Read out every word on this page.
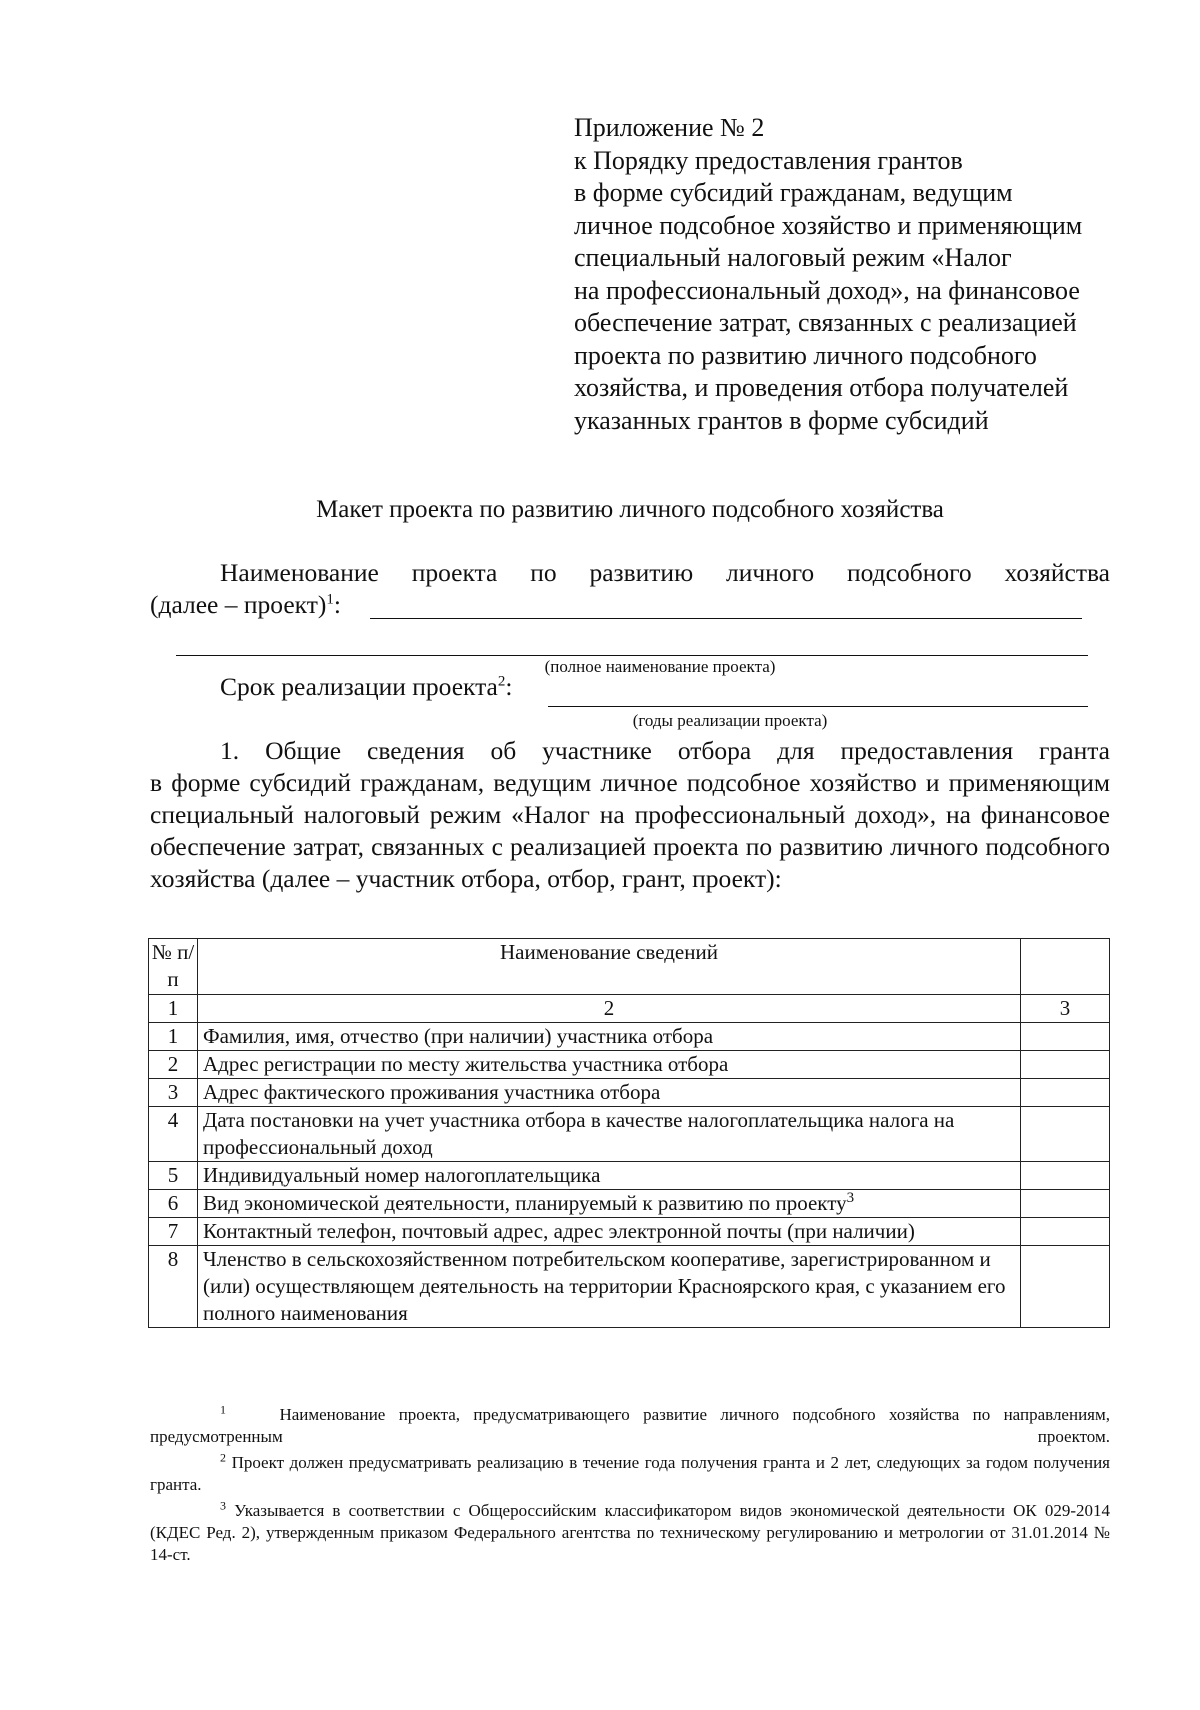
Приложение № 2
к Порядку предоставления грантов
в форме субсидий гражданам, ведущим
личное подсобное хозяйство и применяющим
специальный налоговый режим «Налог
на профессиональный доход», на финансовое
обеспечение затрат, связанных с реализацией
проекта по развитию личного подсобного
хозяйства, и проведения отбора получателей
указанных грантов в форме субсидий
Макет проекта по развитию личного подсобного хозяйства
Наименование проекта по развитию личного подсобного хозяйства
(далее – проект)$^1$:
(полное наименование проекта)
Срок реализации проекта$^2$:
(годы реализации проекта)
1. Общие сведения об участнике отбора для предоставления гранта
в форме субсидий гражданам, ведущим личное подсобное хозяйство и применяющим специальный налоговый режим «Налог на профессиональный доход», на финансовое обеспечение затрат, связанных с реализацией проекта по развитию личного подсобного хозяйства (далее – участник отбора, отбор, грант, проект):
№ п/п	Наименование сведений	
1	2	3
1	Фамилия, имя, отчество (при наличии) участника отбора	
2	Адрес регистрации по месту жительства участника отбора	
3	Адрес фактического проживания участника отбора	
4	Дата постановки на учет участника отбора в качестве налогоплательщика налога на профессиональный доход	
5	Индивидуальный номер налогоплательщика	
6	Вид экономической деятельности, планируемый к развитию по проекту$^3$	
7	Контактный телефон, почтовый адрес, адрес электронной почты (при наличии)	
8	Членство в сельскохозяйственном потребительском кооперативе, зарегистрированном и (или) осуществляющем деятельность на территории Красноярского края, с указанием его полного наименования	
$^1$	Наименование проекта, предусматривающего развитие личного подсобного хозяйства по направлениям, предусмотренным проектом.
$^2$ Проект должен предусматривать реализацию в течение года получения гранта и 2 лет, следующих за годом получения гранта.
$^3$ Указывается в соответствии с Общероссийским классификатором видов экономической деятельности ОК 029-2014 (КДЕС Ред. 2), утвержденным приказом Федерального агентства по техническому регулированию и метрологии от 31.01.2014 № 14-ст.
